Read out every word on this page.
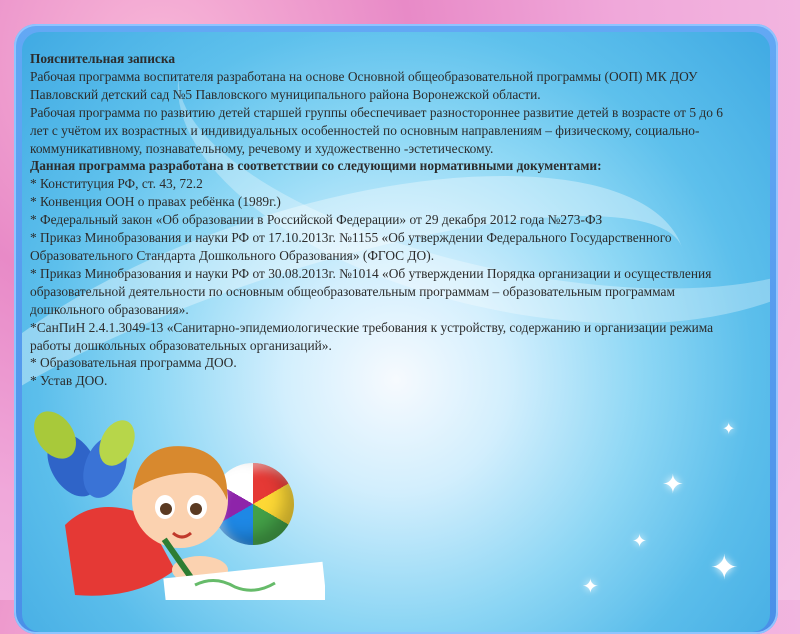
✦
✦
✦
✦
✦

Пояснительная записка

Рабочая программа воспитателя разработана на основе Основной общеобразовательной программы (ООП) МК ДОУ Павловский детский сад №5 Павловского муниципального района Воронежской области.

Рабочая программа по развитию детей старшей группы обеспечивает разностороннее развитие детей в возрасте от 5 до 6 лет с учётом их возрастных и индивидуальных особенностей по основным направлениям – физическому, социально-коммуникативному, познавательному, речевому и художественно -эстетическому.

Данная программа разработана в соответствии со следующими нормативными документами:

* Конституция РФ, ст. 43, 72.2

* Конвенция ООН о правах ребёнка (1989г.)

* Федеральный закон «Об образовании в Российской Федерации» от 29 декабря 2012 года №273-ФЗ

* Приказ Минобразования и науки РФ от 17.10.2013г. №1155 «Об утверждении Федерального Государственного Образовательного Стандарта Дошкольного Образования» (ФГОС ДО).

* Приказ Минобразования и науки РФ от 30.08.2013г. №1014 «Об утверждении Порядка организации и осуществления образовательной деятельности по основным общеобразовательным программам – образовательным программам дошкольного образования».

*СанПиН 2.4.1.3049-13 «Санитарно-эпидемиологические требования к устройству, содержанию и организации режима работы дошкольных образовательных организаций».

* Образовательная программа ДОО.

* Устав ДОО.
